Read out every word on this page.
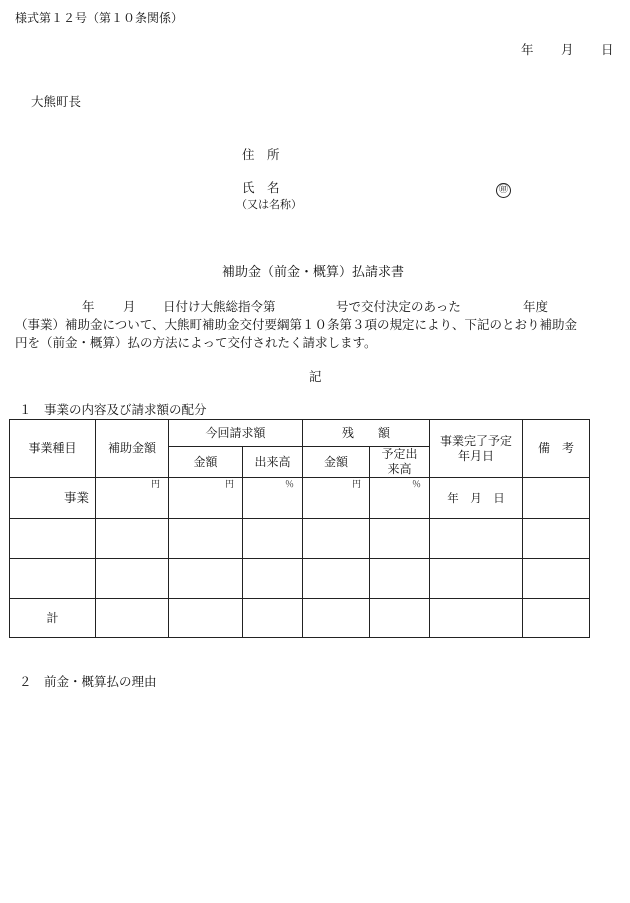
様式第１２号（第１０条関係）
年 月 日
大熊町長
住　所
氏　名	㊞
（又は名称）
補助金（前金・概算）払請求書
年 月 日付け大熊総指令第	号で交付決定のあった	年度
（事業）補助金について、大熊町補助金交付要綱第１０条第３項の規定により、下記のとおり補助金
円を（前金・概算）払の方法によって交付されたく請求します。
記
１　事業の内容及び請求額の配分
事業種目	補助金額	今回請求額		残　　額		事業完了予定年月日	備　考
		金額	出来高	金額	予定出来高		

事業	円	円	％	円	％	年　月　日	

計							
２　前金・概算払の理由
